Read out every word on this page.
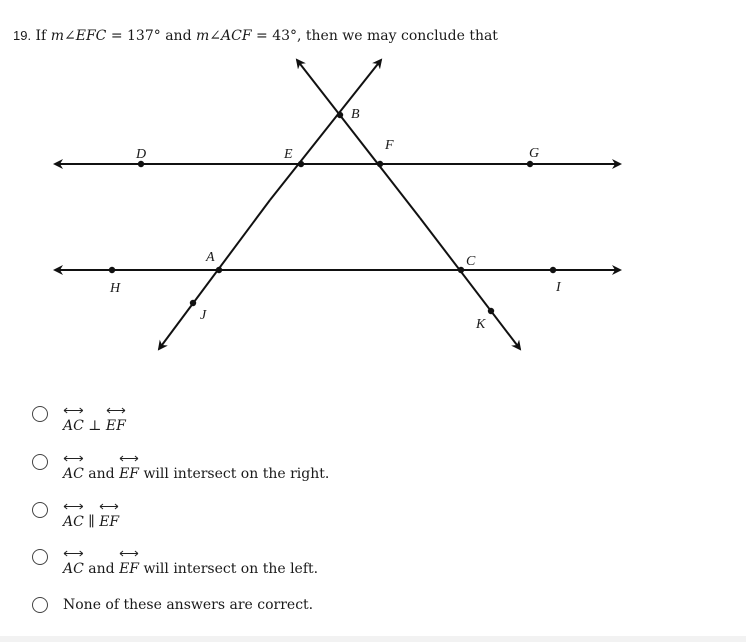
19. If m∠EFC = 137° and m∠ACF = 43°, then we may conclude that
D	E
F
G
B
A	C
H	I
J
K
AC ⊥ EF
AC and EF will intersect on the right.
AC ∥ EF
AC and EF will intersect on the left.
None of these answers are correct.
